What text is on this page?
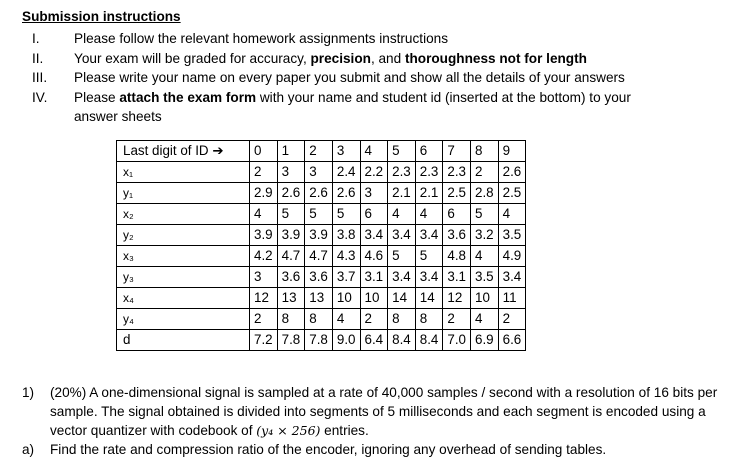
Submission instructions
I.	Please follow the relevant homework assignments instructions
II.	Your exam will be graded for accuracy, precision, and thoroughness not for length
III.	Please write your name on every paper you submit and show all the details of your answers
IV.	Please attach the exam form with your name and student id (inserted at the bottom) to your
answer sheets
Last digit of ID ➔	0	1	2	3	4	5	6	7	8	9
x₁	2	3	3	2.4	2.2	2.3	2.3	2.3	2	2.6
y₁	2.9	2.6	2.6	2.6	3	2.1	2.1	2.5	2.8	2.5
x₂	4	5	5	5	6	4	4	6	5	4
y₂	3.9	3.9	3.9	3.8	3.4	3.4	3.4	3.6	3.2	3.5
x₃	4.2	4.7	4.7	4.3	4.6	5	5	4.8	4	4.9
y₃	3	3.6	3.6	3.7	3.1	3.4	3.4	3.1	3.5	3.4
x₄	12	13	13	10	10	14	14	12	10	11
y₄	2	8	8	4	2	8	8	2	4	2
d	7.2	7.8	7.8	9.0	6.4	8.4	8.4	7.0	6.9	6.6
1)	(20%) A one-dimensional signal is sampled at a rate of 40,000 samples / second with a resolution of 16 bits per sample. The signal obtained is divided into segments of 5 milliseconds and each segment is encoded using a vector quantizer with codebook of (y₄ × 256) entries.
a)	Find the rate and compression ratio of the encoder, ignoring any overhead of sending tables.
